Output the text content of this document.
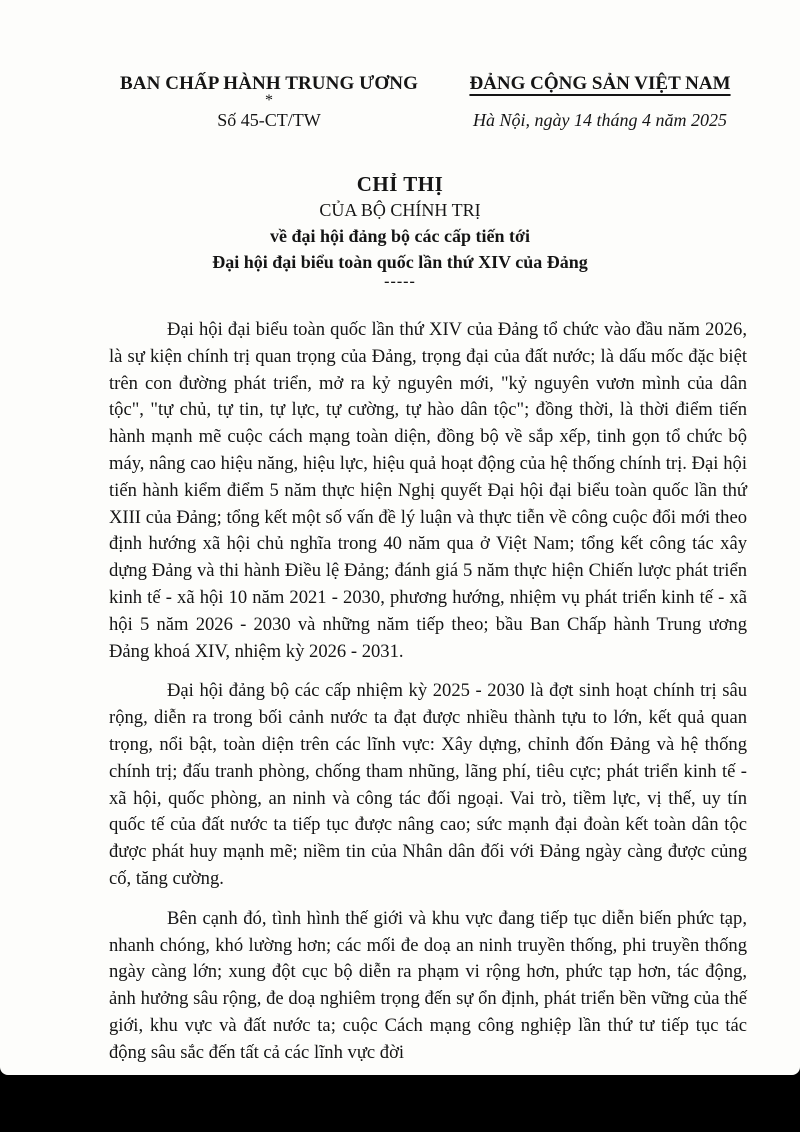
BAN CHẤP HÀNH TRUNG ƯƠNG
*
Số 45-CT/TW
ĐẢNG CỘNG SẢN VIỆT NAM
Hà Nội, ngày 14 tháng 4 năm 2025
CHỈ THỊ
CỦA BỘ CHÍNH TRỊ
về đại hội đảng bộ các cấp tiến tới
Đại hội đại biểu toàn quốc lần thứ XIV của Đảng
-----

Đại hội đại biểu toàn quốc lần thứ XIV của Đảng tổ chức vào đầu năm 2026, là sự kiện chính trị quan trọng của Đảng, trọng đại của đất nước; là dấu mốc đặc biệt trên con đường phát triển, mở ra kỷ nguyên mới, "kỷ nguyên vươn mình của dân tộc", "tự chủ, tự tin, tự lực, tự cường, tự hào dân tộc"; đồng thời, là thời điểm tiến hành mạnh mẽ cuộc cách mạng toàn diện, đồng bộ về sắp xếp, tinh gọn tổ chức bộ máy, nâng cao hiệu năng, hiệu lực, hiệu quả hoạt động của hệ thống chính trị. Đại hội tiến hành kiểm điểm 5 năm thực hiện Nghị quyết Đại hội đại biểu toàn quốc lần thứ XIII của Đảng; tổng kết một số vấn đề lý luận và thực tiễn về công cuộc đổi mới theo định hướng xã hội chủ nghĩa trong 40 năm qua ở Việt Nam; tổng kết công tác xây dựng Đảng và thi hành Điều lệ Đảng; đánh giá 5 năm thực hiện Chiến lược phát triển kinh tế - xã hội 10 năm 2021 - 2030, phương hướng, nhiệm vụ phát triển kinh tế - xã hội 5 năm 2026 - 2030 và những năm tiếp theo; bầu Ban Chấp hành Trung ương Đảng khoá XIV, nhiệm kỳ 2026 - 2031.

Đại hội đảng bộ các cấp nhiệm kỳ 2025 - 2030 là đợt sinh hoạt chính trị sâu rộng, diễn ra trong bối cảnh nước ta đạt được nhiều thành tựu to lớn, kết quả quan trọng, nổi bật, toàn diện trên các lĩnh vực: Xây dựng, chỉnh đốn Đảng và hệ thống chính trị; đấu tranh phòng, chống tham nhũng, lãng phí, tiêu cực; phát triển kinh tế - xã hội, quốc phòng, an ninh và công tác đối ngoại. Vai trò, tiềm lực, vị thế, uy tín quốc tế của đất nước ta tiếp tục được nâng cao; sức mạnh đại đoàn kết toàn dân tộc được phát huy mạnh mẽ; niềm tin của Nhân dân đối với Đảng ngày càng được củng cố, tăng cường.

Bên cạnh đó, tình hình thế giới và khu vực đang tiếp tục diễn biến phức tạp, nhanh chóng, khó lường hơn; các mối đe doạ an ninh truyền thống, phi truyền thống ngày càng lớn; xung đột cục bộ diễn ra phạm vi rộng hơn, phức tạp hơn, tác động, ảnh hưởng sâu rộng, đe doạ nghiêm trọng đến sự ổn định, phát triển bền vững của thế giới, khu vực và đất nước ta; cuộc Cách mạng công nghiệp lần thứ tư tiếp tục tác động sâu sắc đến tất cả các lĩnh vực đời
